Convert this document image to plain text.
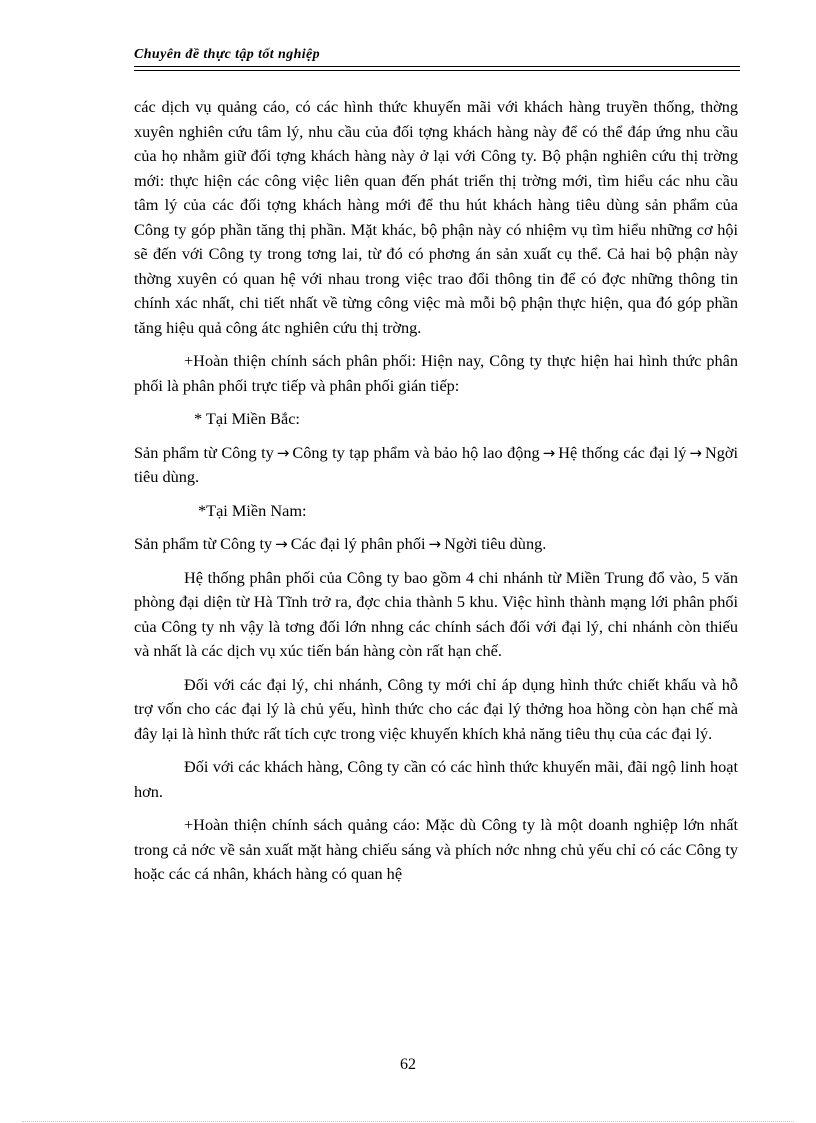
Chuyên đề thực tập tốt nghiệp

các dịch vụ quảng cáo, có các hình thức khuyến mãi với khách hàng truyền thống, thờng xuyên nghiên cứu tâm lý, nhu cầu của đối tợng khách hàng này để có thể đáp ứng nhu cầu của họ nhằm giữ đối tợng khách hàng này ở lại với Công ty. Bộ phận nghiên cứu thị trờng mới: thực hiện các công việc liên quan đến phát triển thị trờng mới, tìm hiểu các nhu cầu tâm lý của các đối tợng khách hàng mới để thu hút khách hàng tiêu dùng sản phẩm của Công ty góp phần tăng thị phần. Mặt khác, bộ phận này có nhiệm vụ tìm hiểu những cơ hội sẽ đến với Công ty trong tơng lai, từ đó có phơng án sản xuất cụ thể. Cả hai bộ phận này thờng xuyên có quan hệ với nhau trong việc trao đổi thông tin để có đợc những thông tin chính xác nhất, chi tiết nhất về từng công việc mà mỗi bộ phận thực hiện, qua đó góp phần tăng hiệu quả công átc nghiên cứu thị trờng.

+Hoàn thiện chính sách phân phối: Hiện nay, Công ty thực hiện hai hình thức phân phối là phân phối trực tiếp và phân phối gián tiếp:

* Tại Miền Bắc:

Sản phẩm từ Công ty → Công ty tạp phẩm và bảo hộ lao động → Hệ thống các đại lý → Ngời tiêu dùng.

*Tại Miền Nam:

Sản phẩm từ Công ty → Các đại lý phân phối → Ngời tiêu dùng.

Hệ thống phân phối của Công ty bao gồm 4 chi nhánh từ Miền Trung đổ vào, 5 văn phòng đại diện từ Hà Tĩnh trở ra, đợc chia thành 5 khu. Việc hình thành mạng lới phân phối của Công ty nh vậy là tơng đối lớn nhng các chính sách đối với đại lý, chi nhánh còn thiếu và nhất là các dịch vụ xúc tiến bán hàng còn rất hạn chế.

Đối với các đại lý, chi nhánh, Công ty mới chỉ áp dụng hình thức chiết khấu và hỗ trợ vốn cho các đại lý là chủ yếu, hình thức cho các đại lý thởng hoa hồng còn hạn chế mà đây lại là hình thức rất tích cực trong việc khuyến khích khả năng tiêu thụ của các đại lý.

Đối với các khách hàng, Công ty cần có các hình thức khuyến mãi, đãi ngộ linh hoạt hơn.

+Hoàn thiện chính sách quảng cáo: Mặc dù Công ty là một doanh nghiệp lớn nhất trong cả nớc về sản xuất mặt hàng chiếu sáng và phích nớc nhng chủ yếu chỉ có các Công ty hoặc các cá nhân, khách hàng có quan hệ

62
